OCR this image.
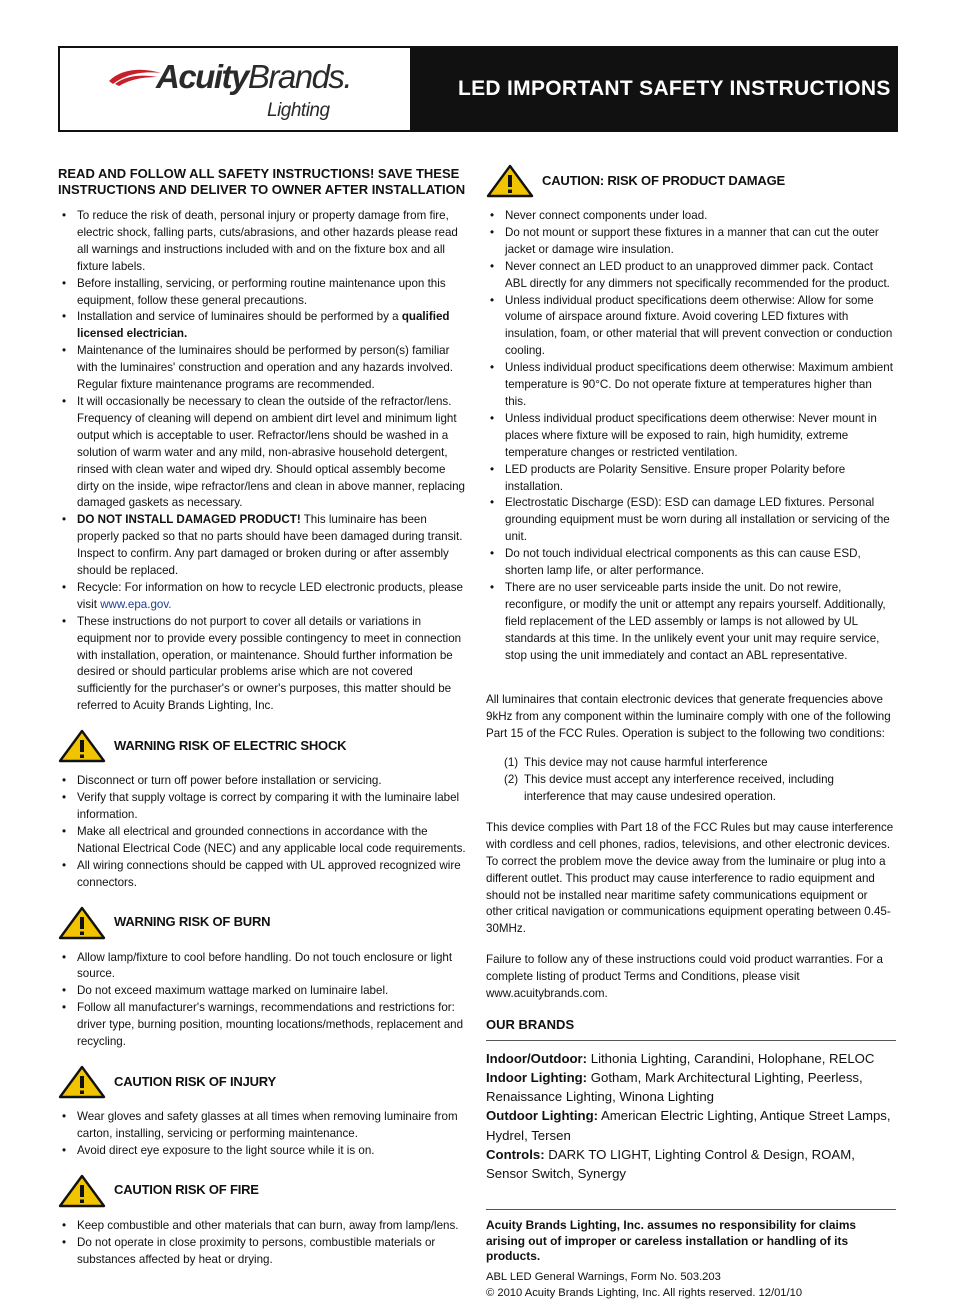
AcuityBrands.
Lighting
LED IMPORTANT SAFETY INSTRUCTIONS
READ AND FOLLOW ALL SAFETY INSTRUCTIONS! SAVE THESE INSTRUCTIONS AND DELIVER TO OWNER AFTER INSTALLATION
• To reduce the risk of death, personal injury or property damage from fire, electric shock, falling parts, cuts/abrasions, and other hazards please read all warnings and instructions included with and on the fixture box and all fixture labels.
• Before installing, servicing, or performing routine maintenance upon this equipment, follow these general precautions.
• Installation and service of luminaires should be performed by a qualified licensed electrician.
• Maintenance of the luminaires should be performed by person(s) familiar with the luminaires' construction and operation and any hazards involved. Regular fixture maintenance programs are recommended.
• It will occasionally be necessary to clean the outside of the refractor/lens. Frequency of cleaning will depend on ambient dirt level and minimum light output which is acceptable to user. Refractor/lens should be washed in a solution of warm water and any mild, non-abrasive household detergent, rinsed with clean water and wiped dry. Should optical assembly become dirty on the inside, wipe refractor/lens and clean in above manner, replacing damaged gaskets as necessary.
• DO NOT INSTALL DAMAGED PRODUCT! This luminaire has been properly packed so that no parts should have been damaged during transit. Inspect to confirm. Any part damaged or broken during or after assembly should be replaced.
• Recycle: For information on how to recycle LED electronic products, please visit www.epa.gov.
• These instructions do not purport to cover all details or variations in equipment nor to provide every possible contingency to meet in connection with installation, operation, or maintenance. Should further information be desired or should particular problems arise which are not covered sufficiently for the purchaser's or owner's purposes, this matter should be referred to Acuity Brands Lighting, Inc.
WARNING RISK OF ELECTRIC SHOCK
• Disconnect or turn off power before installation or servicing.
• Verify that supply voltage is correct by comparing it with the luminaire label information.
• Make all electrical and grounded connections in accordance with the National Electrical Code (NEC) and any applicable local code requirements.
• All wiring connections should be capped with UL approved recognized wire connectors.
WARNING RISK OF BURN
• Allow lamp/fixture to cool before handling. Do not touch enclosure or light source.
• Do not exceed maximum wattage marked on luminaire label.
• Follow all manufacturer's warnings, recommendations and restrictions for: driver type, burning position, mounting locations/methods, replacement and recycling.
CAUTION RISK OF INJURY
• Wear gloves and safety glasses at all times when removing luminaire from carton, installing, servicing or performing maintenance.
• Avoid direct eye exposure to the light source while it is on.
CAUTION RISK OF FIRE
• Keep combustible and other materials that can burn, away from lamp/lens.
• Do not operate in close proximity to persons, combustible materials or substances affected by heat or drying.
CAUTION: RISK OF PRODUCT DAMAGE
• Never connect components under load.
• Do not mount or support these fixtures in a manner that can cut the outer jacket or damage wire insulation.
• Never connect an LED product to an unapproved dimmer pack. Contact ABL directly for any dimmers not specifically recommended for the product.
• Unless individual product specifications deem otherwise: Allow for some volume of airspace around fixture. Avoid covering LED fixtures with insulation, foam, or other material that will prevent convection or conduction cooling.
• Unless individual product specifications deem otherwise: Maximum ambient temperature is 90°C. Do not operate fixture at temperatures higher than this.
• Unless individual product specifications deem otherwise: Never mount in places where fixture will be exposed to rain, high humidity, extreme temperature changes or restricted ventilation.
• LED products are Polarity Sensitive. Ensure proper Polarity before installation.
• Electrostatic Discharge (ESD): ESD can damage LED fixtures. Personal grounding equipment must be worn during all installation or servicing of the unit.
• Do not touch individual electrical components as this can cause ESD, shorten lamp life, or alter performance.
• There are no user serviceable parts inside the unit. Do not rewire, reconfigure, or modify the unit or attempt any repairs yourself. Additionally, field replacement of the LED assembly or lamps is not allowed by UL standards at this time. In the unlikely event your unit may require service, stop using the unit immediately and contact an ABL representative.

All luminaires that contain electronic devices that generate frequencies above 9kHz from any component within the luminaire comply with one of the following Part 15 of the FCC Rules. Operation is subject to the following two conditions:

(1) This device may not cause harmful interference
(2) This device must accept any interference received, including interference that may cause undesired operation.

This device complies with Part 18 of the FCC Rules but may cause interference with cordless and cell phones, radios, televisions, and other electronic devices. To correct the problem move the device away from the luminaire or plug into a different outlet. This product may cause interference to radio equipment and should not be installed near maritime safety communications equipment or other critical navigation or communications equipment operating between 0.45-30MHz.

Failure to follow any of these instructions could void product warranties. For a complete listing of product Terms and Conditions, please visit www.acuitybrands.com.

OUR BRANDS
Indoor/Outdoor: Lithonia Lighting, Carandini, Holophane, RELOC
Indoor Lighting: Gotham, Mark Architectural Lighting, Peerless, Renaissance Lighting, Winona Lighting
Outdoor Lighting: American Electric Lighting, Antique Street Lamps, Hydrel, Tersen
Controls: DARK TO LIGHT, Lighting Control & Design, ROAM, Sensor Switch, Synergy
Acuity Brands Lighting, Inc. assumes no responsibility for claims arising out of improper or careless installation or handling of its products.
ABL LED General Warnings, Form No. 503.203
© 2010 Acuity Brands Lighting, Inc. All rights reserved. 12/01/10
